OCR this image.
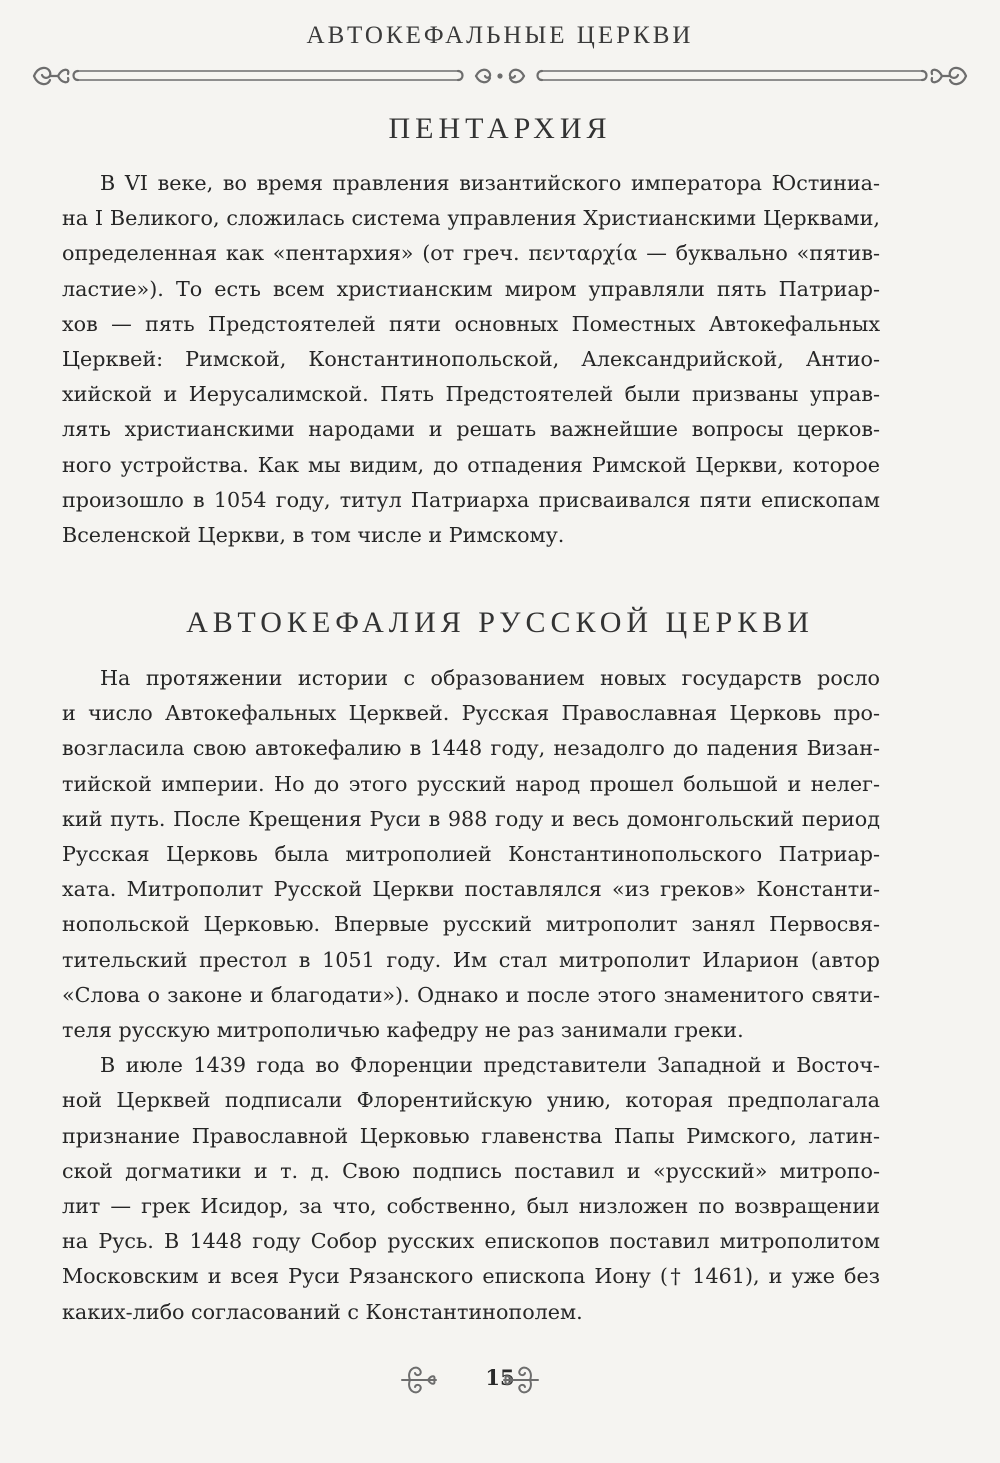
АВТОКЕФАЛЬНЫЕ ЦЕРКВИ
ПЕНТАРХИЯ
В VI веке, во время правления византийского императора Юстиниа-
на I Великого, сложилась система управления Христианскими Церквами,
определенная как «пентархия» (от греч. πενταρχία — буквально «пятив-
ластие»). То есть всем христианским миром управляли пять Патриар-
хов — пять Предстоятелей пяти основных Поместных Автокефальных
Церквей: Римской, Константинопольской, Александрийской, Антио-
хийской и Иерусалимской. Пять Предстоятелей были призваны управ-
лять христианскими народами и решать важнейшие вопросы церков-
ного устройства. Как мы видим, до отпадения Римской Церкви, которое
произошло в 1054 году, титул Патриарха присваивался пяти епископам
Вселенской Церкви, в том числе и Римскому.
АВТОКЕФАЛИЯ РУССКОЙ ЦЕРКВИ
На протяжении истории с образованием новых государств росло
и число Автокефальных Церквей. Русская Православная Церковь про-
возгласила свою автокефалию в 1448 году, незадолго до падения Визан-
тийской империи. Но до этого русский народ прошел большой и нелег-
кий путь. После Крещения Руси в 988 году и весь домонгольский период
Русская Церковь была митрополией Константинопольского Патриар-
хата. Митрополит Русской Церкви поставлялся «из греков» Константи-
нопольской Церковью. Впервые русский митрополит занял Первосвя-
тительский престол в 1051 году. Им стал митрополит Иларион (автор
«Слова о законе и благодати»). Однако и после этого знаменитого святи-
теля русскую митрополичью кафедру не раз занимали греки.
В июле 1439 года во Флоренции представители Западной и Восточ-
ной Церквей подписали Флорентийскую унию, которая предполагала
признание Православной Церковью главенства Папы Римского, латин-
ской догматики и т. д. Свою подпись поставил и «русский» митропо-
лит — грек Исидор, за что, собственно, был низложен по возвращении
на Русь. В 1448 году Собор русских епископов поставил митрополитом
Московским и всея Руси Рязанского епископа Иону († 1461), и уже без
каких-либо согласований с Константинополем.
15
